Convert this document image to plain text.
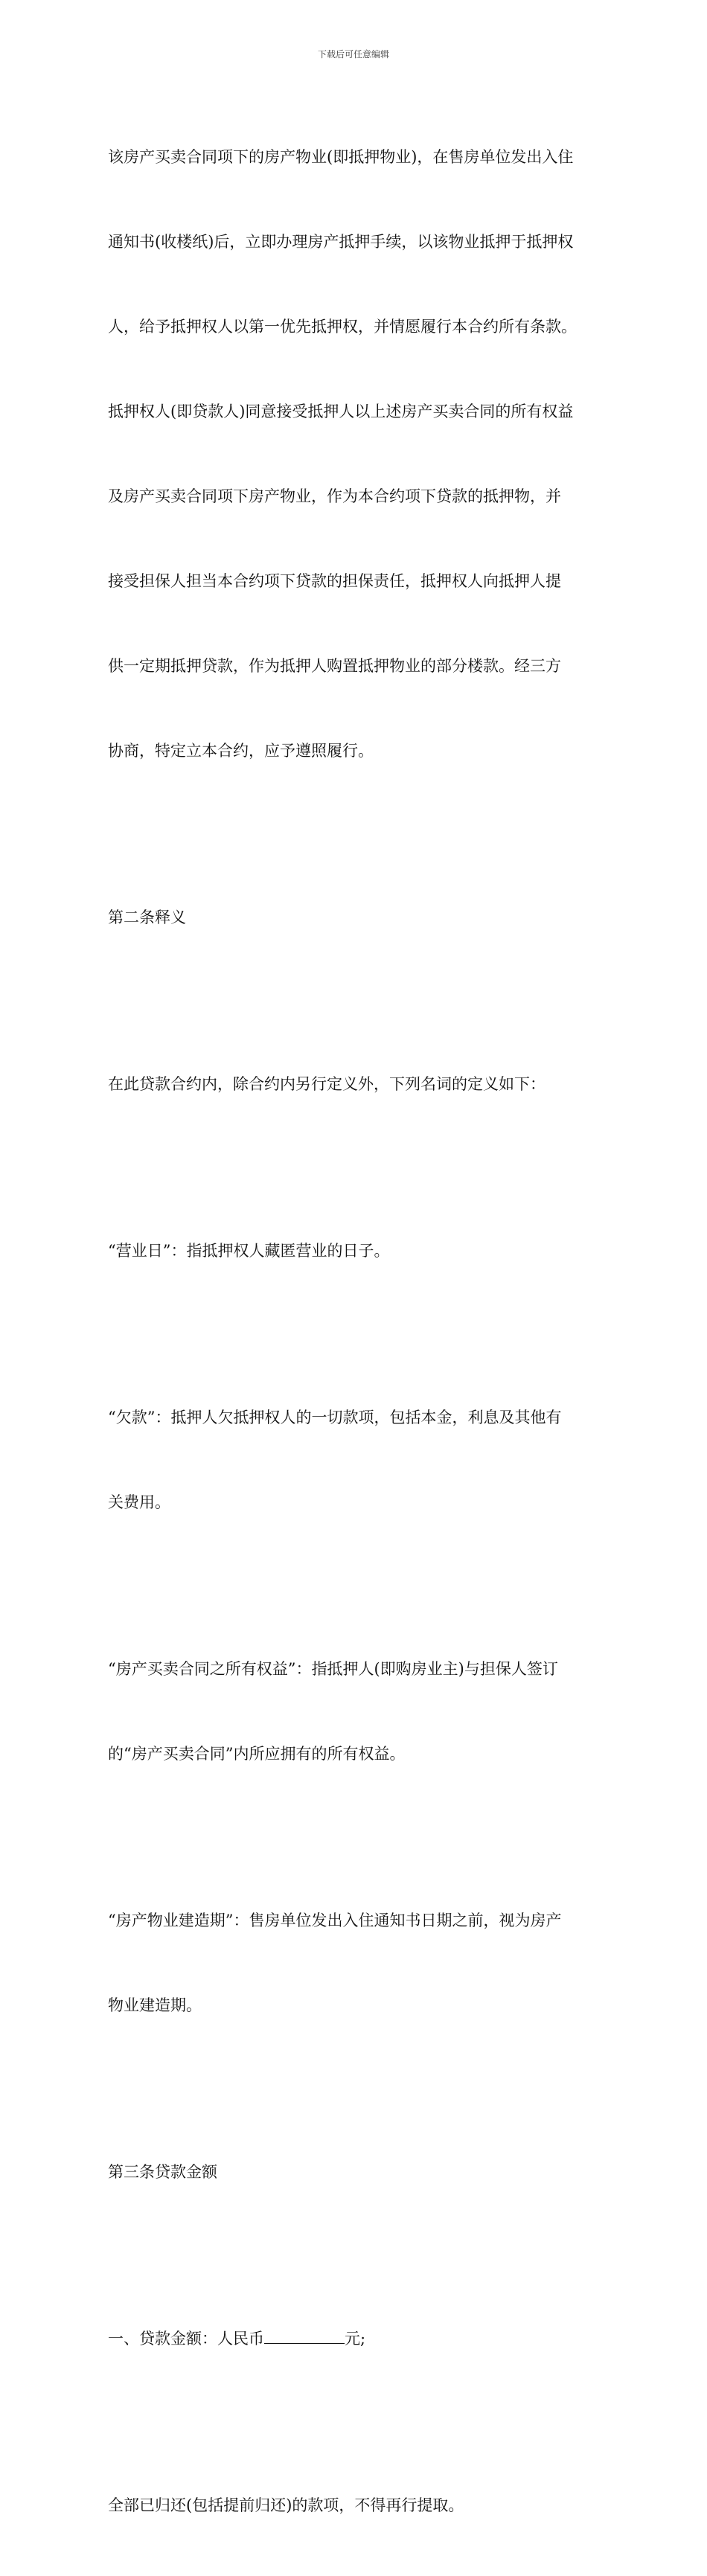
下载后可任意编辑

该房产买卖合同项下的房产物业(即抵押物业)，在售房单位发出入住

通知书(收楼纸)后，立即办理房产抵押手续，以该物业抵押于抵押权

人，给予抵押权人以第一优先抵押权，并情愿履行本合约所有条款。

抵押权人(即贷款人)同意接受抵押人以上述房产买卖合同的所有权益

及房产买卖合同项下房产物业，作为本合约项下贷款的抵押物，并

接受担保人担当本合约项下贷款的担保责任，抵押权人向抵押人提

供一定期抵押贷款，作为抵押人购置抵押物业的部分楼款。经三方

协商，特定立本合约，应予遵照履行。

第二条释义

在此贷款合约内，除合约内另行定义外，下列名词的定义如下：

“营业日”：指抵押权人藏匿营业的日子。

“欠款”：抵押人欠抵押权人的一切款项，包括本金，利息及其他有

关费用。

“房产买卖合同之所有权益”：指抵押人(即购房业主)与担保人签订

的“房产买卖合同”内所应拥有的所有权益。

“房产物业建造期”：售房单位发出入住通知书日期之前，视为房产

物业建造期。

第三条贷款金额

一、贷款金额：人民币	元;

全部已归还(包括提前归还)的款项，不得再行提取。
